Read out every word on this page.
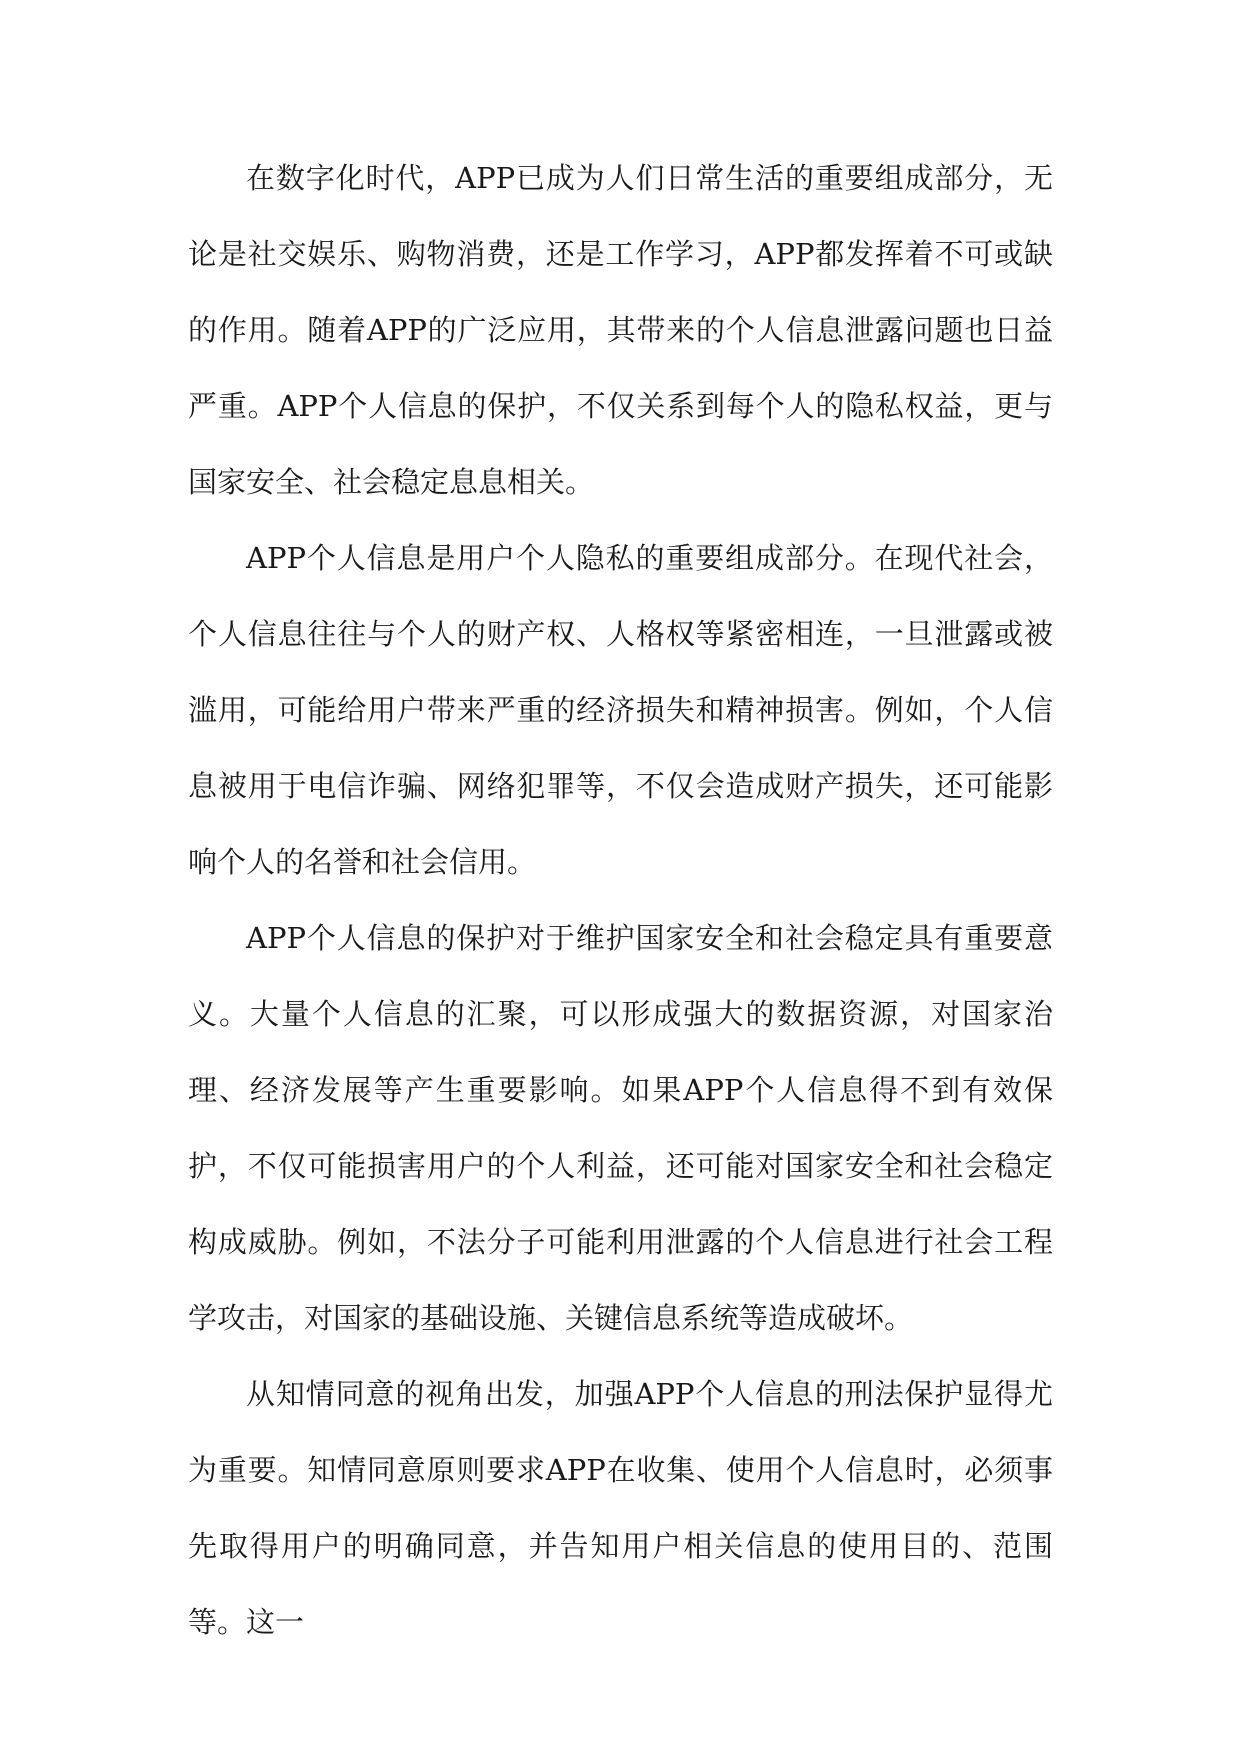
在数字化时代，APP已成为人们日常生活的重要组成部分，无论是社交娱乐、购物消费，还是工作学习，APP都发挥着不可或缺的作用。随着APP的广泛应用，其带来的个人信息泄露问题也日益严重。APP个人信息的保护，不仅关系到每个人的隐私权益，更与国家安全、社会稳定息息相关。

APP个人信息是用户个人隐私的重要组成部分。在现代社会，个人信息往往与个人的财产权、人格权等紧密相连，一旦泄露或被滥用，可能给用户带来严重的经济损失和精神损害。例如，个人信息被用于电信诈骗、网络犯罪等，不仅会造成财产损失，还可能影响个人的名誉和社会信用。

APP个人信息的保护对于维护国家安全和社会稳定具有重要意义。大量个人信息的汇聚，可以形成强大的数据资源，对国家治理、经济发展等产生重要影响。如果APP个人信息得不到有效保护，不仅可能损害用户的个人利益，还可能对国家安全和社会稳定构成威胁。例如，不法分子可能利用泄露的个人信息进行社会工程学攻击，对国家的基础设施、关键信息系统等造成破坏。

从知情同意的视角出发，加强APP个人信息的刑法保护显得尤为重要。知情同意原则要求APP在收集、使用个人信息时，必须事先取得用户的明确同意，并告知用户相关信息的使用目的、范围等。这一
